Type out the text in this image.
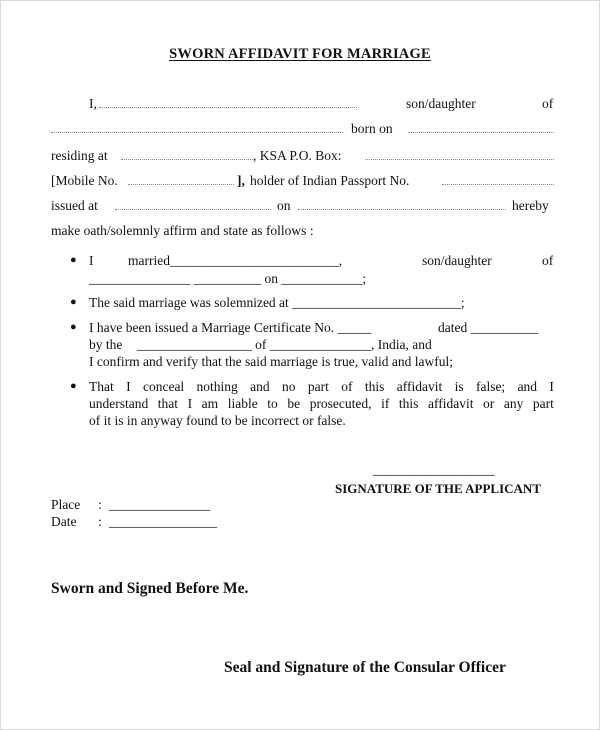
SWORN AFFIDAVIT FOR MARRIAGE
I,	son/daughter	of
born on
residing at	, KSA P.O. Box:
[Mobile No.	], holder of Indian Passport No.
issued at	on	hereby
make oath/solemnly affirm and state as follows :
● I	married_________________________,	son/daughter	of
_______________ __________ on ____________;
● The said marriage was solemnized at _________________________;
● I have been issued a Marriage Certificate No. _____	dated __________
by the _________________ of _______________, India, and
I confirm and verify that the said marriage is true, valid and lawful;
● That I conceal nothing and no part of this affidavit is false; and I
understand that I am liable to be prosecuted, if this affidavit or any part
of it is in anyway found to be incorrect or false.
__________________
SIGNATURE OF THE APPLICANT
Place : _______________
Date : ________________
Sworn and Signed Before Me.
Seal and Signature of the Consular Officer
